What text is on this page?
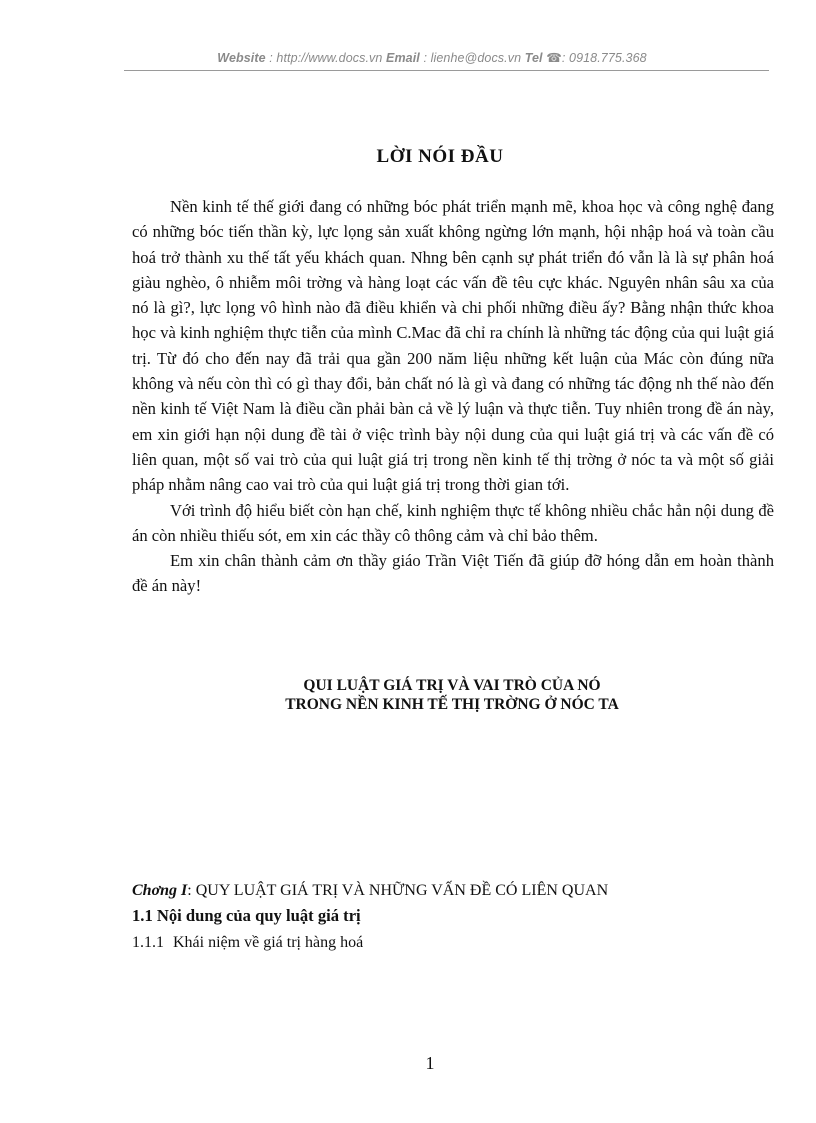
Website : http://www.docs.vn Email : lienhe@docs.vn Tel ☎: 0918.775.368
LỜI NÓI ĐẦU

Nền kinh tế thế giới đang có những bóc phát triển mạnh mẽ, khoa học và công nghệ đang có những bóc tiến thần kỳ, lực lọng sản xuất không ngừng lớn mạnh, hội nhập hoá và toàn cầu hoá trở thành xu thế tất yếu khách quan. Nhng bên cạnh sự phát triển đó vẫn là là sự phân hoá giàu nghèo, ô nhiễm môi trờng và hàng loạt các vấn đề têu cực khác. Nguyên nhân sâu xa của nó là gì?, lực lọng vô hình nào đã điều khiển và chi phối những điều ấy? Bằng nhận thức khoa học và kinh nghiệm thực tiễn của mình C.Mac đã chỉ ra chính là những tác động của qui luật giá trị. Từ đó cho đến nay đã trải qua gần 200 năm liệu những kết luận của Mác còn đúng nữa không và nếu còn thì có gì thay đổi, bản chất nó là gì và đang có những tác động nh thế nào đến nền kinh tế Việt Nam là điều cần phải bàn cả về lý luận và thực tiễn. Tuy nhiên trong đề án này, em xin giới hạn nội dung đề tài ở việc trình bày nội dung của qui luật giá trị và các vấn đề có liên quan, một số vai trò của qui luật giá trị trong nền kinh tế thị trờng ở nóc ta và một số giải pháp nhằm nâng cao vai trò của qui luật giá trị trong thời gian tới.

Với trình độ hiểu biết còn hạn chế, kinh nghiệm thực tế không nhiều chắc hẳn nội dung đề án còn nhiều thiếu sót, em xin các thầy cô thông cảm và chỉ bảo thêm.

Em xin chân thành cảm ơn thầy giáo Trần Việt Tiến đã giúp đỡ hóng dẫn em hoàn thành đề án này!

QUI LUẬT GIÁ TRỊ VÀ VAI TRÒ CỦA NÓ
TRONG NỀN KINH TẾ THỊ TRỜNG Ở NÓC TA
Chơng I: QUY LUẬT GIÁ TRỊ VÀ NHỮNG VẤN ĐỀ CÓ LIÊN QUAN
1.1 Nội dung của quy luật giá trị
1.1.1 Khái niệm về giá trị hàng hoá
1
